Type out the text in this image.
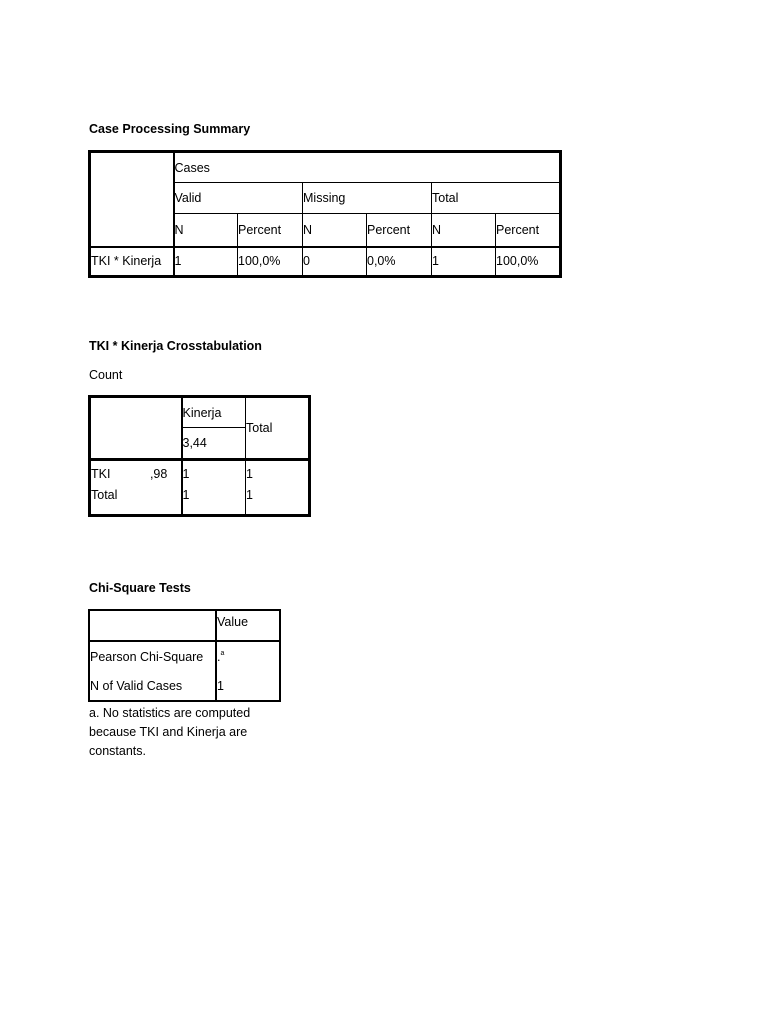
Case Processing Summary
	Cases					
	Valid		Missing		Total	
	N	Percent	N	Percent	N	Percent
TKI * Kinerja	1	100,0%	0	0,0%	1	100,0%
TKI * Kinerja Crosstabulation
Count
	Kinerja	Total
	3,44	
TKI ,98	1	1
Total	1	1
Chi-Square Tests
	Value
Pearson Chi-Square	.$^a$
N of Valid Cases	1
a. No statistics are computed because TKI and Kinerja are constants.
